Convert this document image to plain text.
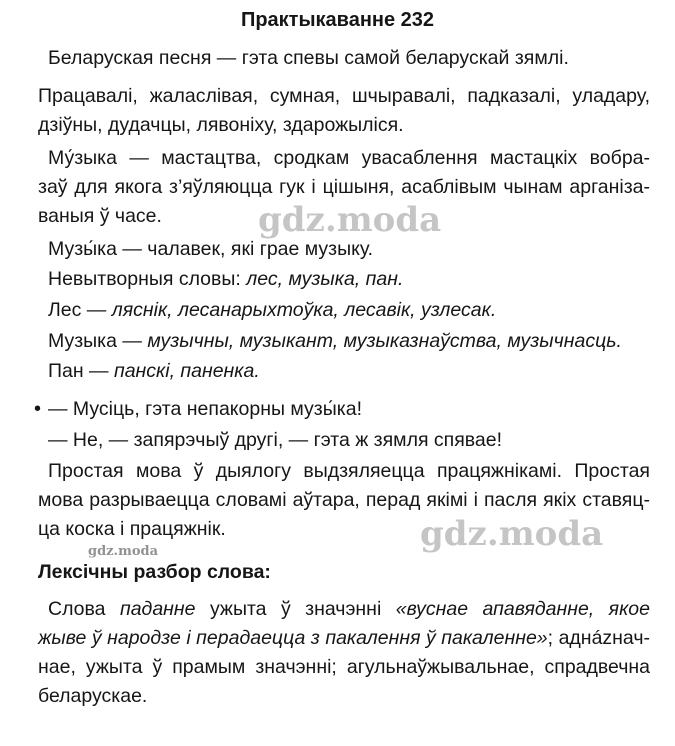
Практыкаванне 232
Беларуская песня — гэта спевы самой беларускай зямлі.
Працавалі, жаласлівая, сумная, шчыравалі, падказалі, уладару,
дзіўны, дудачцы, лявоніху, здарожыліся.
Му́зыка — мастацтва, сродкам увасаблення мастацкіх вобра-
заў для якога з’яўляюцца гук і цішыня, асаблівым чынам арганіза-
ваныя ў часе.	gdz.moda
Музы́ка — чалавек, які грае музыку.
Невытворныя словы: лес, музыка, пан.
Лес — ляснік, лесанарыхтоўка, лесавік, узлесак.
Музыка — музычны, музыкант, музыказнаўства, музычнасць.
Пан — панскі, паненка.
• — Мусіць, гэта непакорны музы́ка!
— Не, — запярэчыў другі, — гэта ж зямля спявае!
Простая мова ў дыялогу выдзяляецца працяжнікамі. Простая
мова разрываецца словамі аўтара, перад якімі і пасля якіх ставяц-
ца коска і працяжнік.	gdz.moda
gdz.moda
Лексічны разбор слова:
Слова паданне ужыта ў значэнні «вуснае апавяданне, якое
жыве ў народзе і перадаецца з пакалення ў пакаленне»; аднázнач-
нае, ужыта ў прамым значэнні; агульнаўжывальнае, спрадвечна
беларускае.
